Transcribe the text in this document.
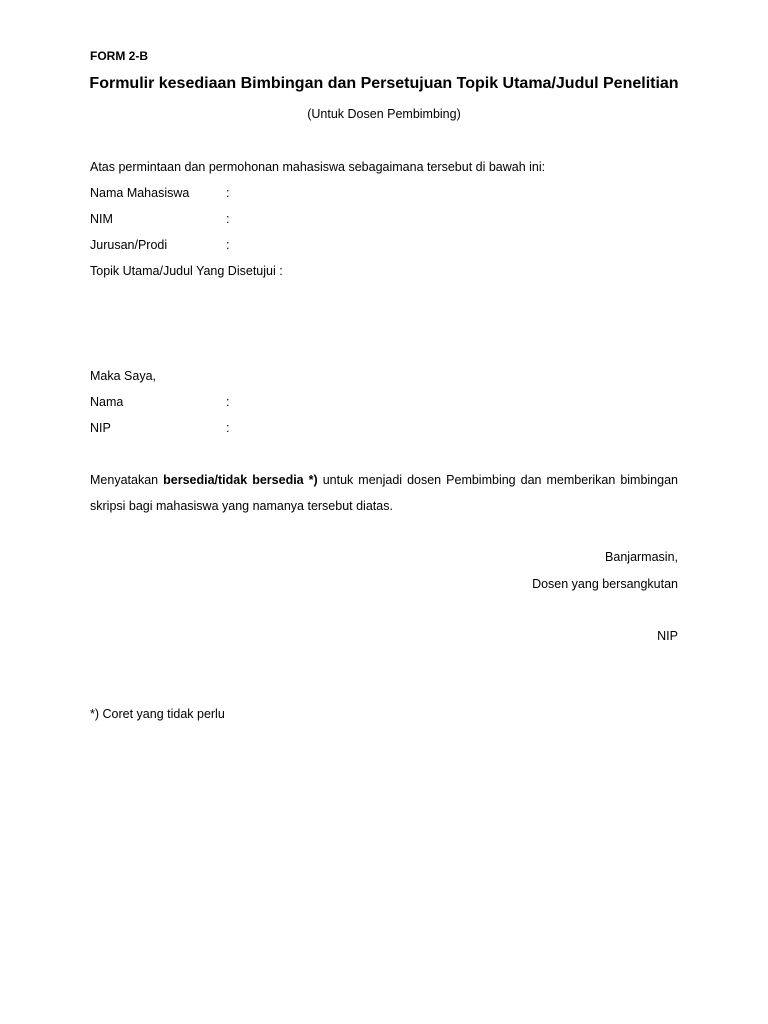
FORM 2-B
Formulir kesediaan Bimbingan dan Persetujuan Topik Utama/Judul Penelitian
(Untuk Dosen Pembimbing)
Atas permintaan dan permohonan mahasiswa sebagaimana tersebut di bawah ini:
Nama Mahasiswa	:
NIM	:
Jurusan/Prodi	:
Topik Utama/Judul Yang Disetujui :
Maka Saya,
Nama	:
NIP	:
Menyatakan bersedia/tidak bersedia *) untuk menjadi dosen Pembimbing dan memberikan bimbingan skripsi bagi mahasiswa yang namanya tersebut diatas.
Banjarmasin,
Dosen yang bersangkutan
NIP
*) Coret yang tidak perlu
